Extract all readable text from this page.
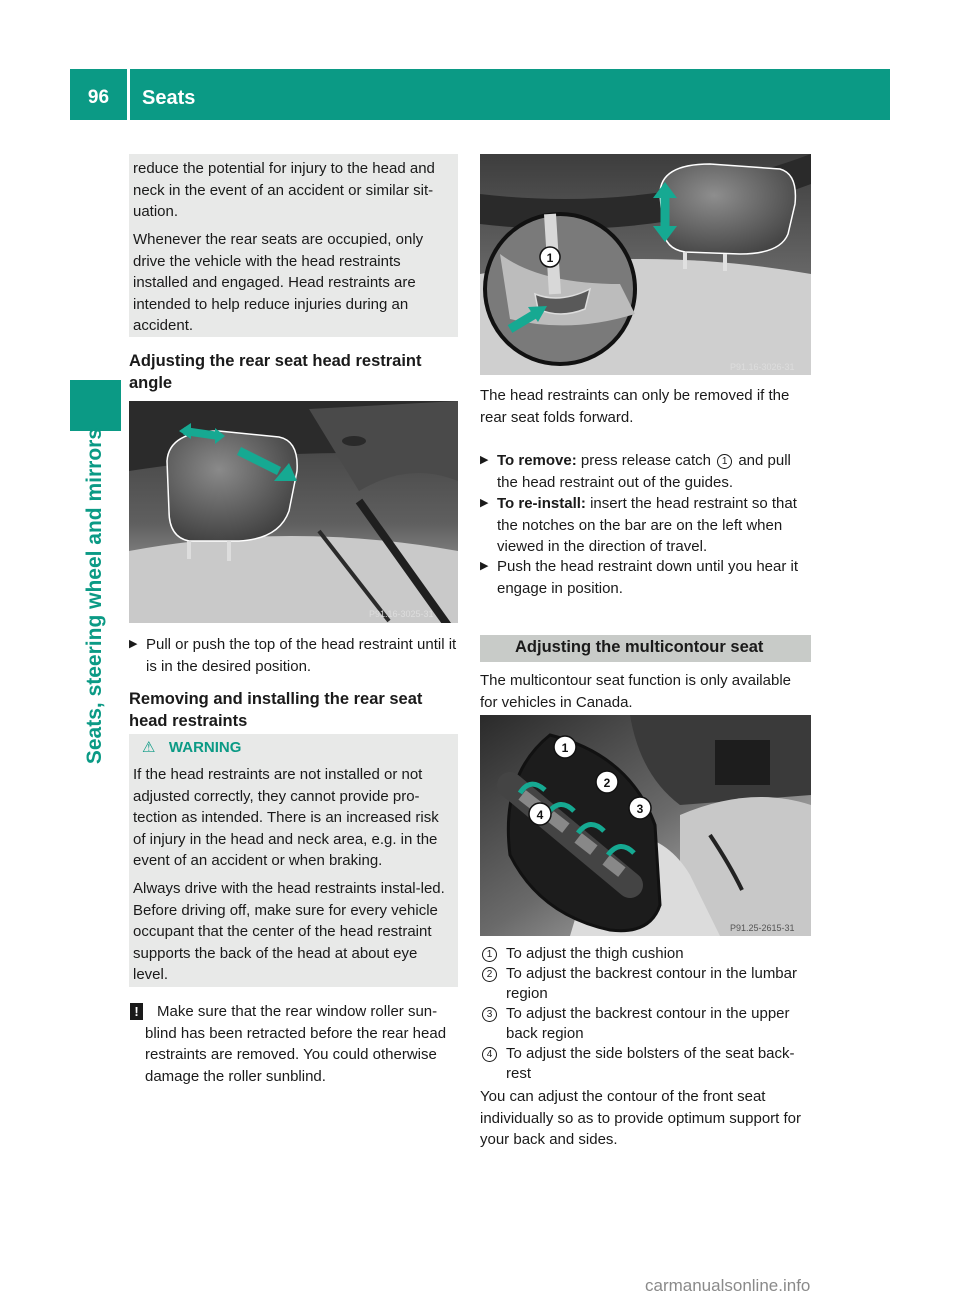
96	Seats
Seats, steering wheel and mirrors

reduce the potential for injury to the head and neck in the event of an accident or similar sit-uation.

Whenever the rear seats are occupied, only drive the vehicle with the head restraints installed and engaged. Head restraints are intended to help reduce injuries during an accident.

Adjusting the rear seat head restraint angle
P91.16-3025-31
▶ Pull or push the top of the head restraint until it is in the desired position.
Removing and installing the rear seat head restraints
⚠ WARNING

If the head restraints are not installed or not adjusted correctly, they cannot provide pro-tection as intended. There is an increased risk of injury in the head and neck area, e.g. in the event of an accident or when braking.

Always drive with the head restraints instal-led. Before driving off, make sure for every vehicle occupant that the center of the head restraint supports the back of the head at about eye level.

!	Make sure that the rear window roller sun-blind has been retracted before the rear head restraints are removed. You could otherwise damage the roller sunblind.
1
P91.16-3026-31
The head restraints can only be removed if the rear seat folds forward.
▶ To remove: press release catch 1 and pull the head restraint out of the guides.
▶ To re-install: insert the head restraint so that the notches on the bar are on the left when viewed in the direction of travel.
▶ Push the head restraint down until you hear it engage in position.
Adjusting the multicontour seat
The multicontour seat function is only available for vehicles in Canada.
1
2
3
4
P91.25-2615-31
1 To adjust the thigh cushion
2 To adjust the backrest contour in the lumbar region
3 To adjust the backrest contour in the upper back region
4 To adjust the side bolsters of the seat back-rest
You can adjust the contour of the front seat individually so as to provide optimum support for your back and sides.
carmanualsonline.info
